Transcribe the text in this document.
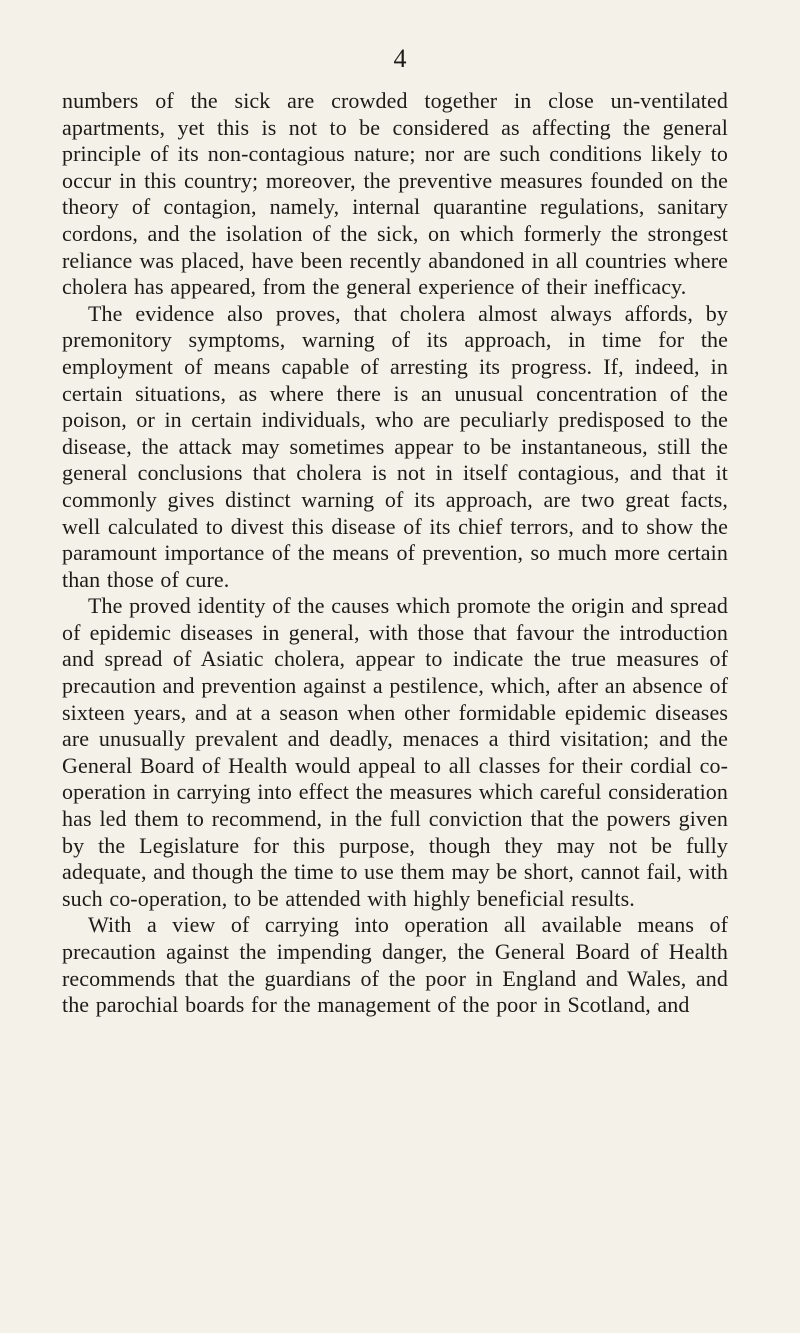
4

numbers of the sick are crowded together in close un-ventilated apartments, yet this is not to be considered as affecting the general principle of its non-contagious nature; nor are such conditions likely to occur in this country; moreover, the preventive measures founded on the theory of contagion, namely, internal quarantine regulations, sanitary cordons, and the isolation of the sick, on which formerly the strongest reliance was placed, have been recently abandoned in all countries where cholera has appeared, from the general experience of their inefficacy.

The evidence also proves, that cholera almost always affords, by premonitory symptoms, warning of its approach, in time for the employment of means capable of arresting its progress. If, indeed, in certain situations, as where there is an unusual concentration of the poison, or in certain individuals, who are peculiarly predisposed to the disease, the attack may sometimes appear to be instantaneous, still the general conclusions that cholera is not in itself contagious, and that it commonly gives distinct warning of its approach, are two great facts, well calculated to divest this disease of its chief terrors, and to show the paramount importance of the means of prevention, so much more certain than those of cure.

The proved identity of the causes which promote the origin and spread of epidemic diseases in general, with those that favour the introduction and spread of Asiatic cholera, appear to indicate the true measures of precaution and prevention against a pestilence, which, after an absence of sixteen years, and at a season when other formidable epidemic diseases are unusually prevalent and deadly, menaces a third visitation; and the General Board of Health would appeal to all classes for their cordial co-operation in carrying into effect the measures which careful consideration has led them to recommend, in the full conviction that the powers given by the Legislature for this purpose, though they may not be fully adequate, and though the time to use them may be short, cannot fail, with such co-operation, to be attended with highly beneficial results.

With a view of carrying into operation all available means of precaution against the impending danger, the General Board of Health recommends that the guardians of the poor in England and Wales, and the parochial boards for the management of the poor in Scotland, and
